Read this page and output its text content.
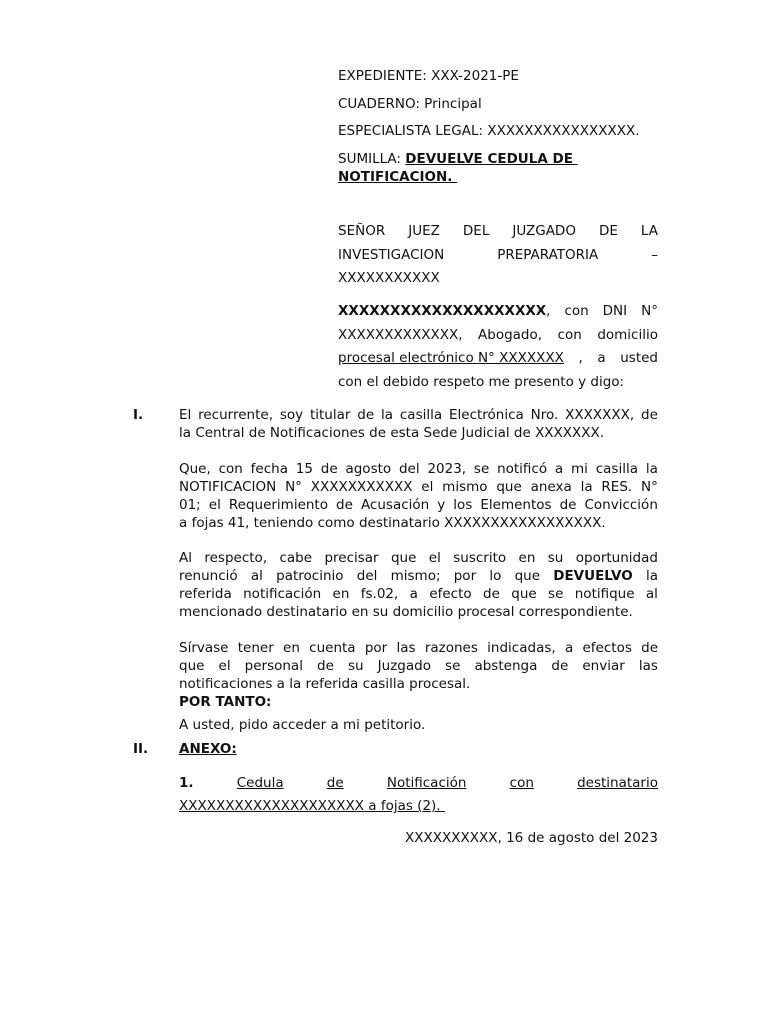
EXPEDIENTE: XXX-2021-PE
CUADERNO: Principal
ESPECIALISTA LEGAL: XXXXXXXXXXXXXXXX.
SUMILLA: DEVUELVE CEDULA DE
NOTIFICACION.
SEÑOR JUEZ DEL JUZGADO DE LA
INVESTIGACION	PREPARATORIA	–
XXXXXXXXXXX
XXXXXXXXXXXXXXXXXXXX , con DNI N°
XXXXXXXXXXXXX, Abogado, con domicilio
procesal electrónico N° XXXXXXX , a usted
con el debido respeto me presento y digo:
I.	El recurrente, soy titular de la casilla Electrónica Nro. XXXXXXX, de
la Central de Notificaciones de esta Sede Judicial de XXXXXXX.
Que, con fecha 15 de agosto del 2023, se notificó a mi casilla la
NOTIFICACION N° XXXXXXXXXXX el mismo que anexa la RES. N°
01; el Requerimiento de Acusación y los Elementos de Convicción
a fojas 41, teniendo como destinatario XXXXXXXXXXXXXXXXX.
Al respecto, cabe precisar que el suscrito en su oportunidad
renunció al patrocinio del mismo; por lo que DEVUELVO la
referida notificación en fs.02, a efecto de que se notifique al
mencionado destinatario en su domicilio procesal correspondiente.
Sírvase tener en cuenta por las razones indicadas, a efectos de
que el personal de su Juzgado se abstenga de enviar las
notificaciones a la referida casilla procesal.
POR TANTO:
A usted, pido acceder a mi petitorio.
II. ANEXO:
1.	Cedula	de	Notificación	con	destinatario
XXXXXXXXXXXXXXXXXXXX a fojas (2).

XXXXXXXXXX, 16 de agosto del 2023
